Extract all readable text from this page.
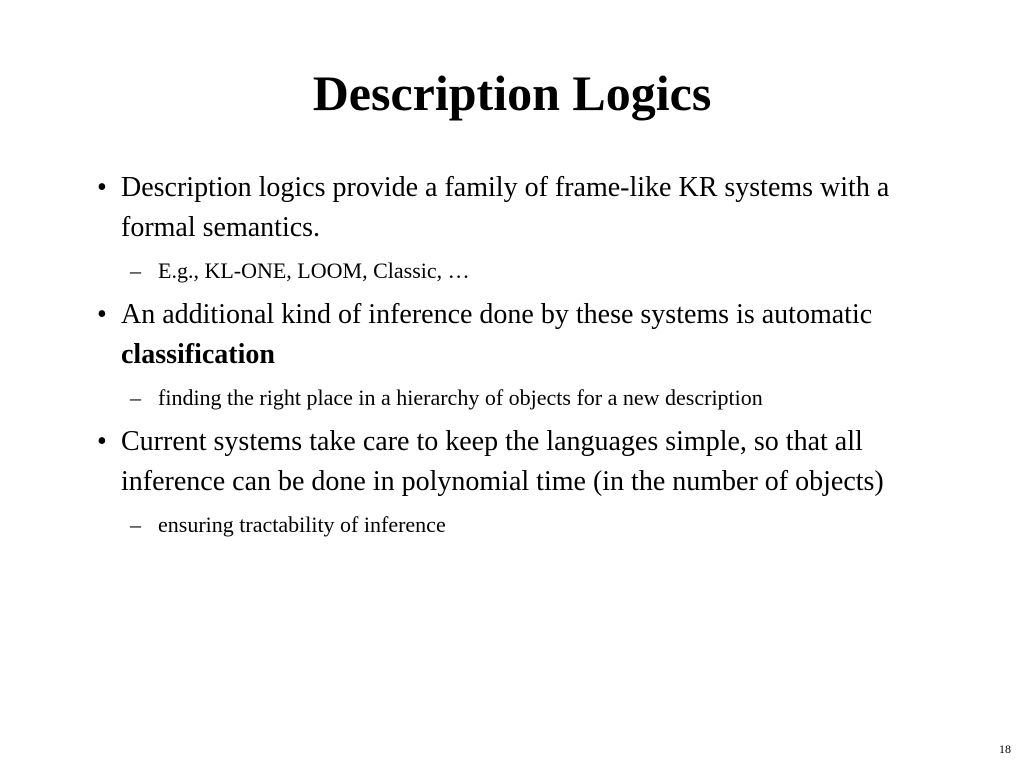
Description Logics
• Description logics provide a family of frame-like KR systems with a formal semantics.
– E.g., KL-ONE, LOOM, Classic, …
• An additional kind of inference done by these systems is automatic classification
– finding the right place in a hierarchy of objects for a new description
• Current systems take care to keep the languages simple, so that all inference can be done in polynomial time (in the number of objects)
– ensuring tractability of inference
18
